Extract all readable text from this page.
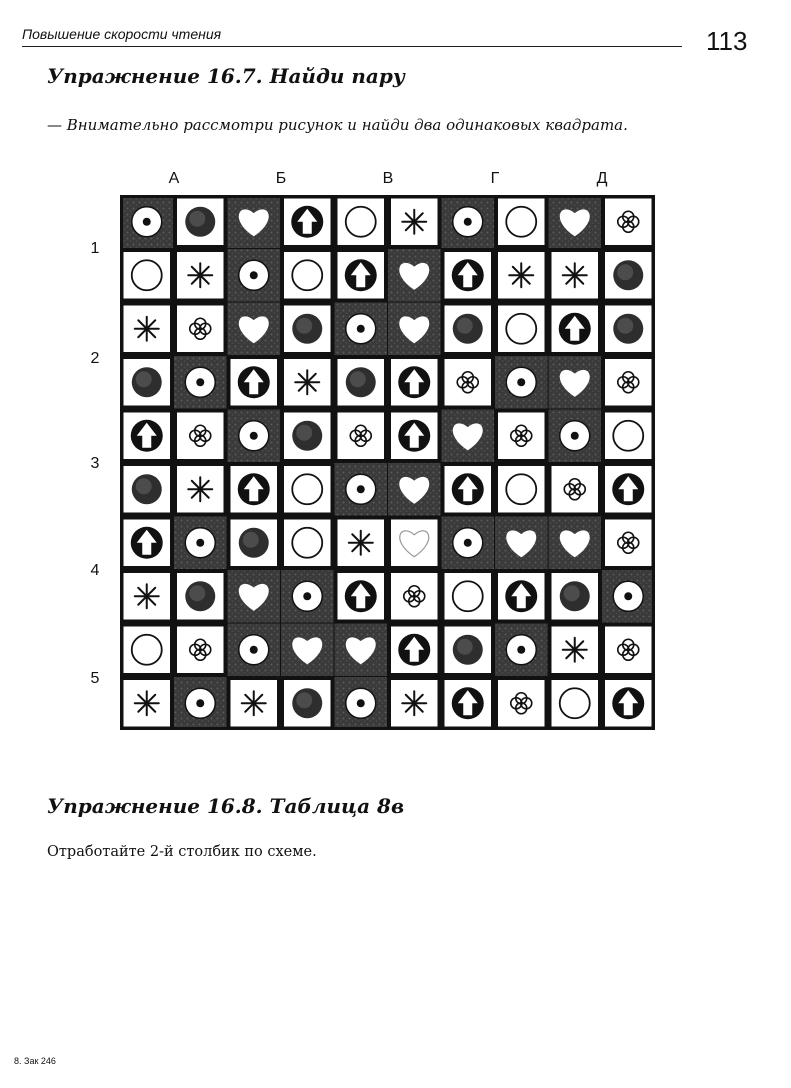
Повышение скорости чтения	113
Упражнение 16.7. Найди пару
— Внимательно рассмотри рисунок и найди два одинаковых квадрата.
А	Б	В	Г	Д
1
2
3
4
5
Упражнение 16.8. Таблица 8в
Отработайте 2-й столбик по схеме.
8. Зак 246
